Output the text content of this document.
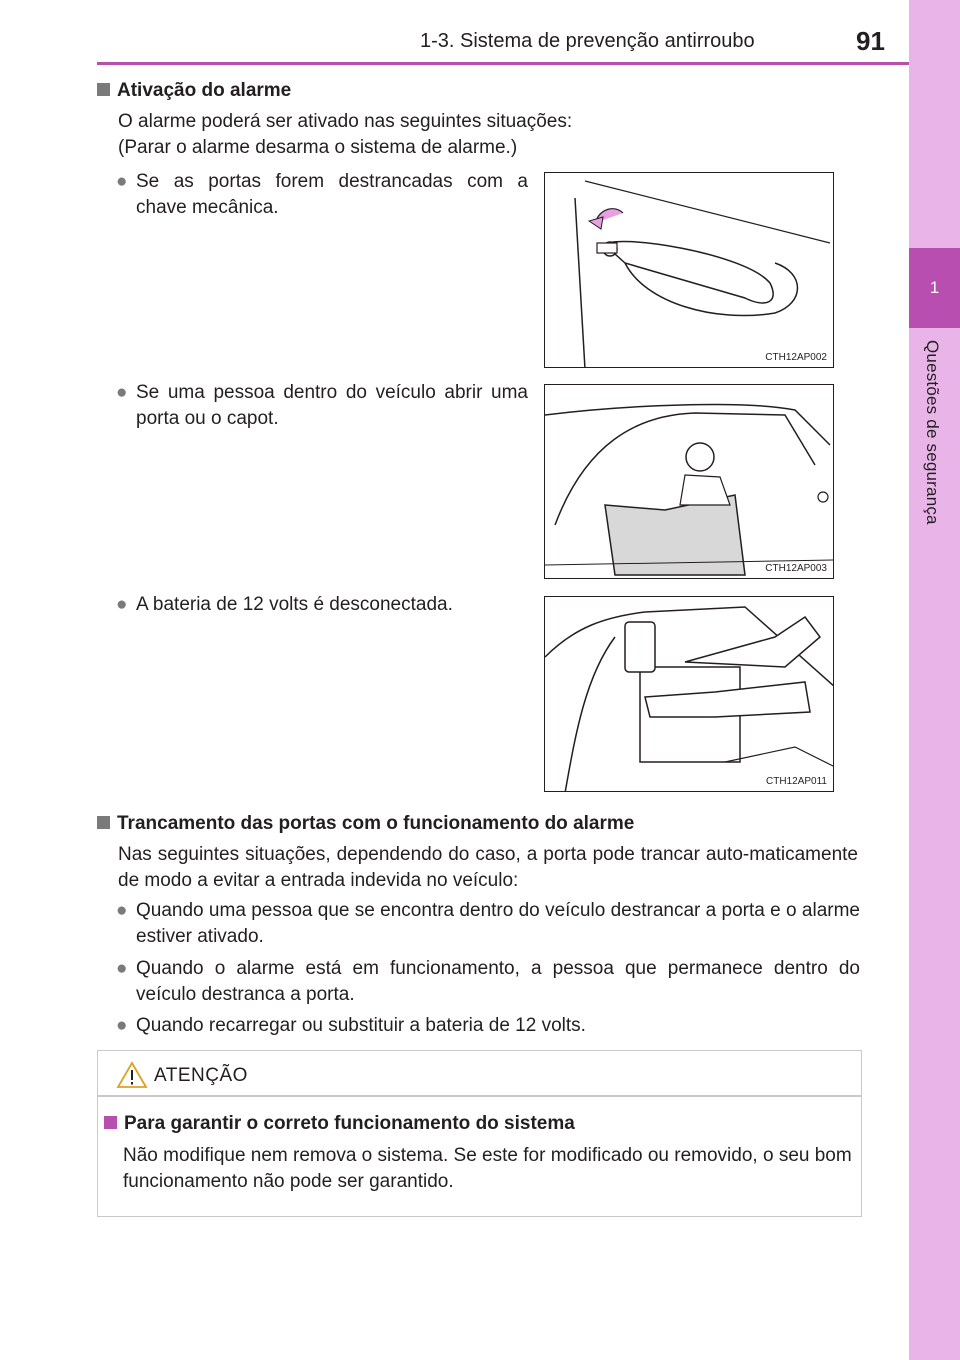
1
Questões de segurança
1-3. Sistema de prevenção antirroubo	91
Ativação do alarme
O alarme poderá ser ativado nas seguintes situações:
(Parar o alarme desarma o sistema de alarme.)
● Se as portas forem destrancadas com a chave mecânica.
CTH12AP002
● Se uma pessoa dentro do veículo abrir uma porta ou o capot.
CTH12AP003
● A bateria de 12 volts é desconectada.
CTH12AP011
Trancamento das portas com o funcionamento do alarme
Nas seguintes situações, dependendo do caso, a porta pode trancar auto-maticamente de modo a evitar a entrada indevida no veículo:
● Quando uma pessoa que se encontra dentro do veículo destrancar a porta e o alarme estiver ativado.
● Quando o alarme está em funcionamento, a pessoa que permanece dentro do veículo destranca a porta.
● Quando recarregar ou substituir a bateria de 12 volts.
ATENÇÃO
Para garantir o correto funcionamento do sistema
Não modifique nem remova o sistema. Se este for modificado ou removido, o seu bom funcionamento não pode ser garantido.
